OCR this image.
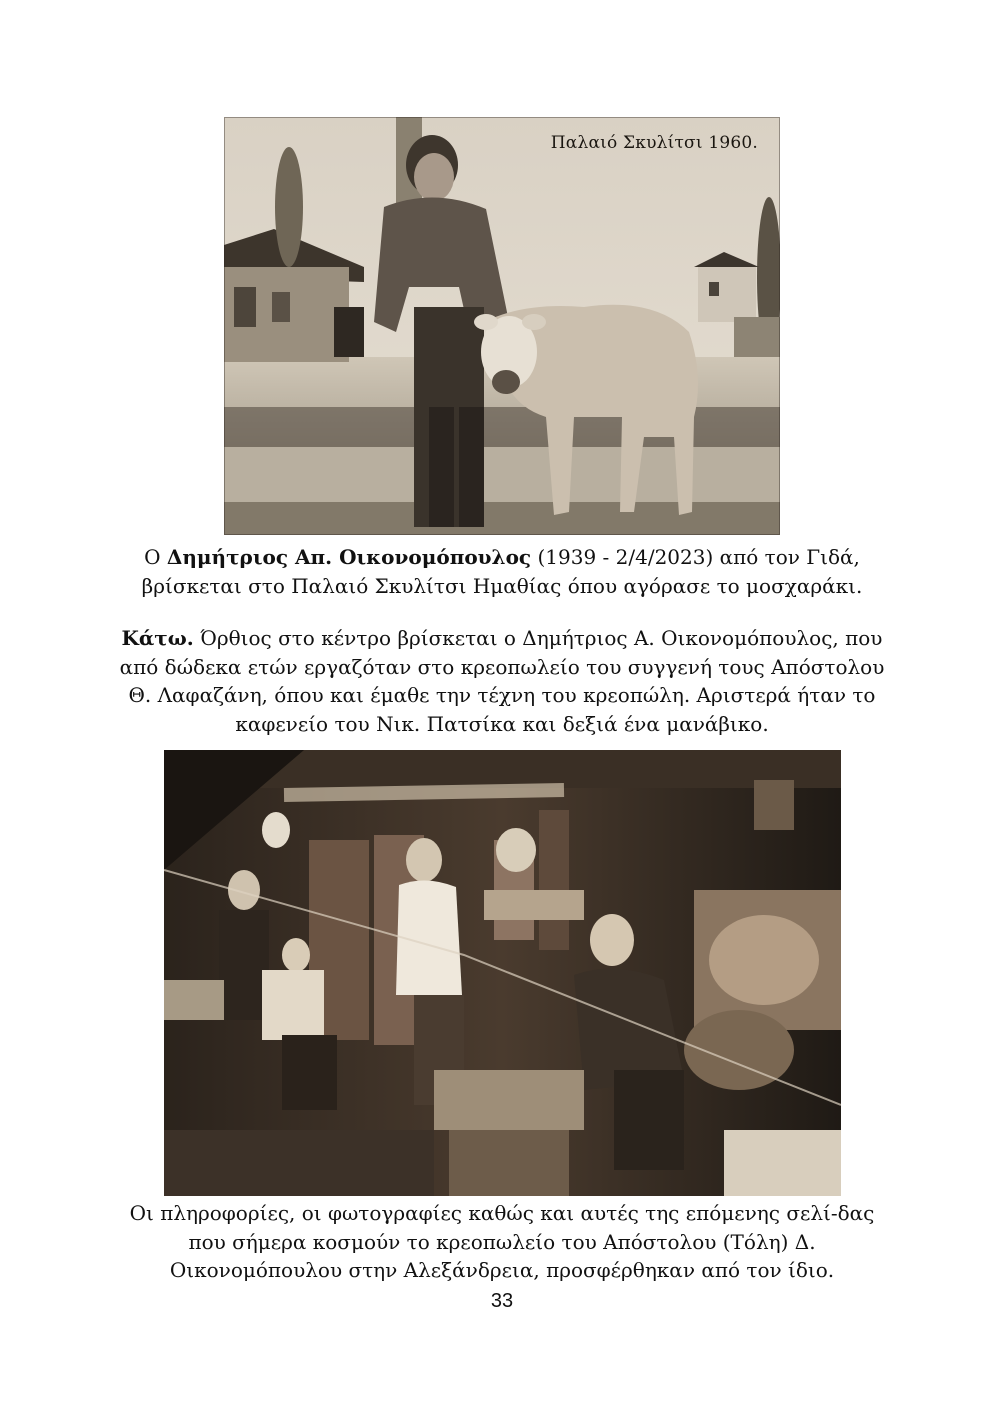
Παλαιό Σκυλίτσι 1960.

Ο Δημήτριος Απ. Οικονομόπουλος (1939 - 2/4/2023) από τον Γιδά, βρίσκεται στο Παλαιό Σκυλίτσι Ημαθίας όπου αγόρασε το μοσχαράκι.

Κάτω. Όρθιος στο κέντρο βρίσκεται ο Δημήτριος Α. Οικονομόπουλος, που από δώδεκα ετών εργαζόταν στο κρεοπωλείο του συγγενή τους Απόστολου Θ. Λαφαζάνη, όπου και έμαθε την τέχνη του κρεοπώλη. Αριστερά ήταν το καφενείο του Νικ. Πατσίκα και δεξιά ένα μανάβικο.

Οι πληροφορίες, οι φωτογραφίες καθώς και αυτές της επόμενης σελί-δας που σήμερα κοσμούν το κρεοπωλείο του Απόστολου (Τόλη) Δ. Οικονομόπουλου στην Αλεξάνδρεια, προσφέρθηκαν από τον ίδιο.

33
